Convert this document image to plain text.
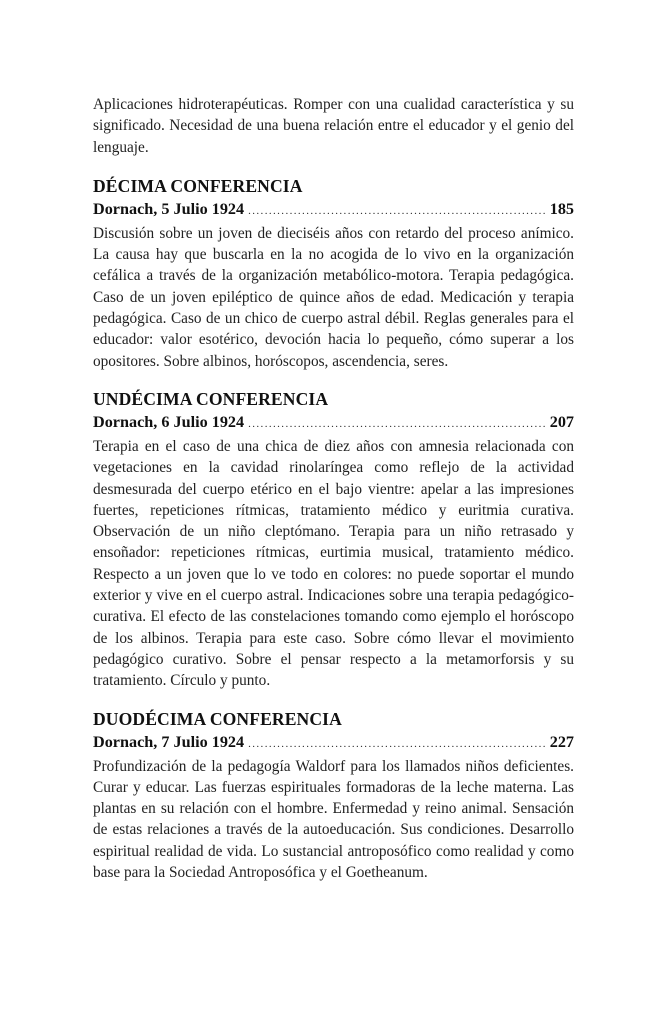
Aplicaciones hidroterapéuticas. Romper con una cualidad característica y su significado. Necesidad de una buena relación entre el educador y el genio del lenguaje.

DÉCIMA CONFERENCIA
Dornach, 5 Julio 1924 .....	185

Discusión sobre un joven de dieciséis años con retardo del proceso anímico. La causa hay que buscarla en la no acogida de lo vivo en la organización cefálica a través de la organización metabólico-motora. Terapia pedagógica. Caso de un joven epiléptico de quince años de edad. Medicación y terapia pedagógica. Caso de un chico de cuerpo astral débil. Reglas generales para el educador: valor esotérico, devoción hacia lo pequeño, cómo superar a los opositores. Sobre albinos, horóscopos, ascendencia, seres.

UNDÉCIMA CONFERENCIA
Dornach, 6 Julio 1924 .....	207

Terapia en el caso de una chica de diez años con amnesia relacionada con vegetaciones en la cavidad rinolaríngea como reflejo de la actividad desmesurada del cuerpo etérico en el bajo vientre: apelar a las impresiones fuertes, repeticiones rítmicas, tratamiento médico y euritmia curativa. Observación de un niño cleptómano. Terapia para un niño retrasado y ensoñador: repeticiones rítmicas, eurtimia musical, tratamiento médico. Respecto a un joven que lo ve todo en colores: no puede soportar el mundo exterior y vive en el cuerpo astral. Indicaciones sobre una terapia pedagógico-curativa. El efecto de las constelaciones tomando como ejemplo el horóscopo de los albinos. Terapia para este caso. Sobre cómo llevar el movimiento pedagógico curativo. Sobre el pensar respecto a la metamorforsis y su tratamiento. Círculo y punto.

DUODÉCIMA CONFERENCIA
Dornach, 7 Julio 1924 .....	227

Profundización de la pedagogía Waldorf para los llamados niños deficientes. Curar y educar. Las fuerzas espirituales formadoras de la leche materna. Las plantas en su relación con el hombre. Enfermedad y reino animal. Sensación de estas relaciones a través de la autoeducación. Sus condiciones. Desarrollo espiritual realidad de vida. Lo sustancial antroposófico como realidad y como base para la Sociedad Antroposófica y el Goetheanum.
